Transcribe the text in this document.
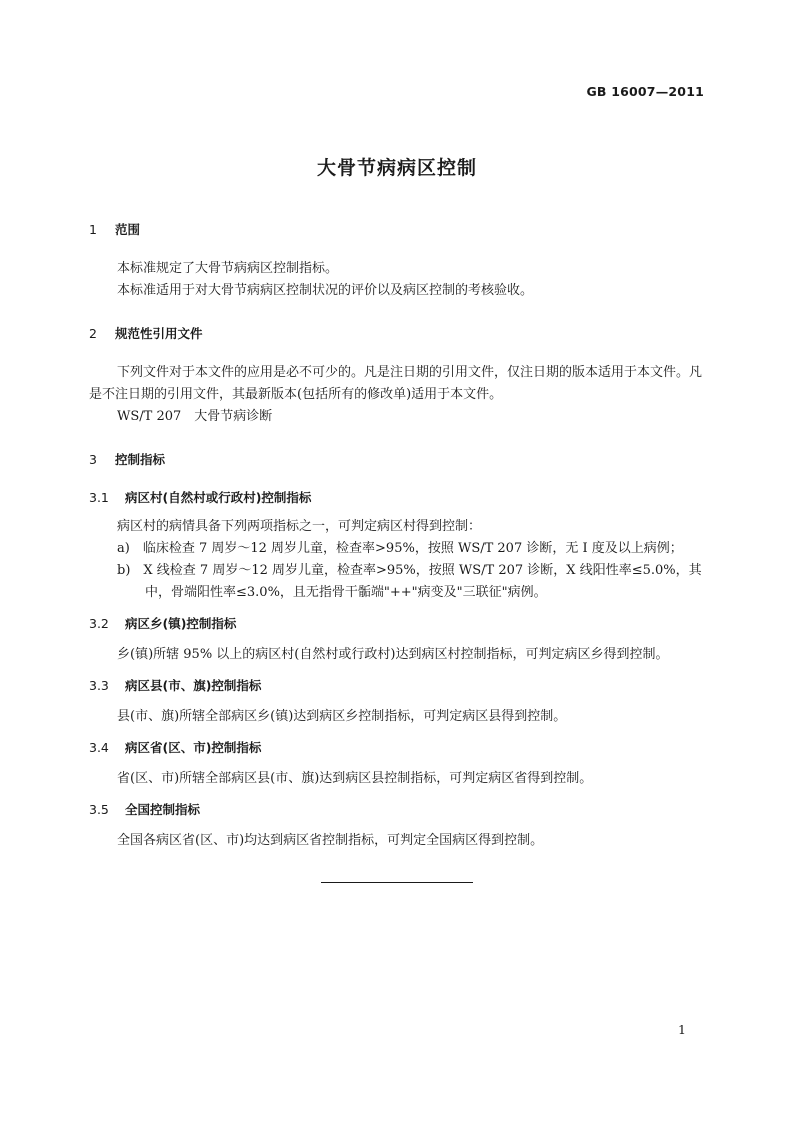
GB 16007—2011
大骨节病病区控制
1 范围
本标准规定了大骨节病病区控制指标。
本标准适用于对大骨节病病区控制状况的评价以及病区控制的考核验收。
2 规范性引用文件
下列文件对于本文件的应用是必不可少的。凡是注日期的引用文件，仅注日期的版本适用于本文件。凡是不注日期的引用文件，其最新版本(包括所有的修改单)适用于本文件。
WS/T 207　大骨节病诊断
3 控制指标
3.1 病区村(自然村或行政村)控制指标
病区村的病情具备下列两项指标之一，可判定病区村得到控制：
a)　临床检查 7 周岁～12 周岁儿童，检查率>95%，按照 WS/T 207 诊断，无 I 度及以上病例；
b)　X 线检查 7 周岁～12 周岁儿童，检查率>95%，按照 WS/T 207 诊断，X 线阳性率≤5.0%，其
中，骨端阳性率≤3.0%，且无指骨干骺端"++"病变及"三联征"病例。
3.2 病区乡(镇)控制指标
乡(镇)所辖 95% 以上的病区村(自然村或行政村)达到病区村控制指标，可判定病区乡得到控制。
3.3 病区县(市、旗)控制指标
县(市、旗)所辖全部病区乡(镇)达到病区乡控制指标，可判定病区县得到控制。
3.4 病区省(区、市)控制指标
省(区、市)所辖全部病区县(市、旗)达到病区县控制指标，可判定病区省得到控制。
3.5 全国控制指标
全国各病区省(区、市)均达到病区省控制指标，可判定全国病区得到控制。
1
